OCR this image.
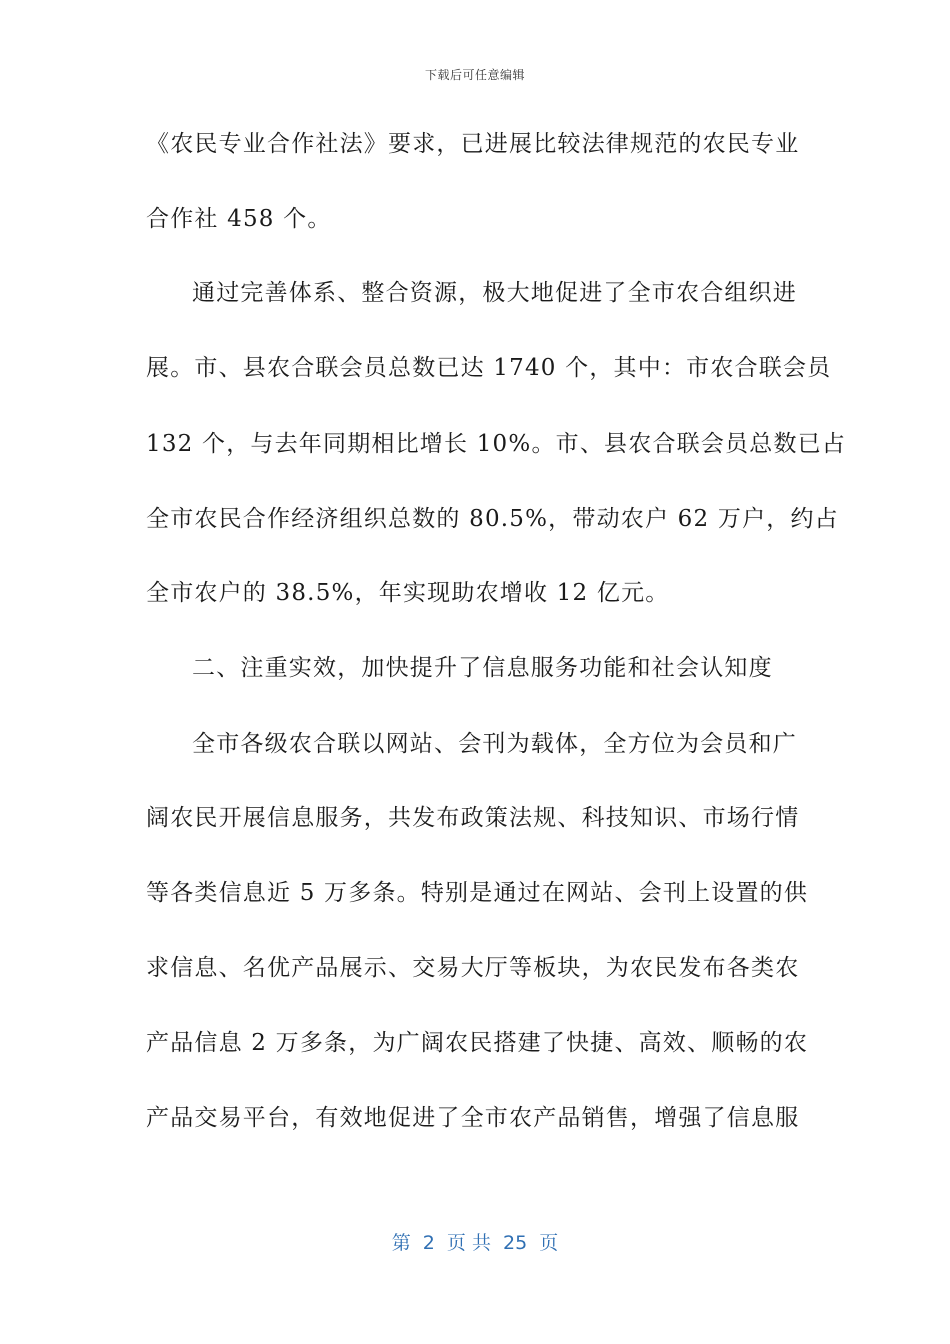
下载后可任意编辑
《农民专业合作社法》要求，已进展比较法律规范的农民专业
合作社 458 个。
通过完善体系、整合资源，极大地促进了全市农合组织进
展。市、县农合联会员总数已达 1740 个，其中：市农合联会员
132 个，与去年同期相比增长 10%。市、县农合联会员总数已占
全市农民合作经济组织总数的 80.5%，带动农户 62 万户，约占
全市农户的 38.5%，年实现助农增收 12 亿元。
二、注重实效，加快提升了信息服务功能和社会认知度
全市各级农合联以网站、会刊为载体，全方位为会员和广
阔农民开展信息服务，共发布政策法规、科技知识、市场行情
等各类信息近 5 万多条。特别是通过在网站、会刊上设置的供
求信息、名优产品展示、交易大厅等板块，为农民发布各类农
产品信息 2 万多条，为广阔农民搭建了快捷、高效、顺畅的农
产品交易平台，有效地促进了全市农产品销售，增强了信息服
第  2  页 共  25  页
